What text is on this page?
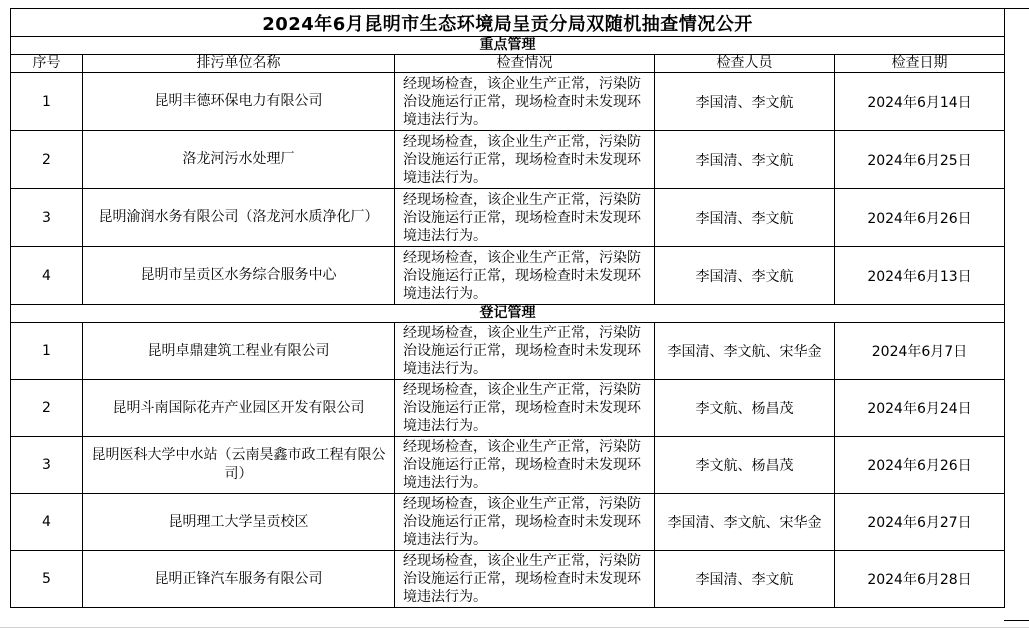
2024年6月昆明市生态环境局呈贡分局双随机抽查情况公开				
重点管理				
序号	排污单位名称	检查情况	检查人员	检查日期
1	昆明丰德环保电力有限公司	经现场检查，该企业生产正常，污染防治设施运行正常，现场检查时未发现环境违法行为。	李国清、李文航	2024年6月14日
2	洛龙河污水处理厂	经现场检查，该企业生产正常，污染防治设施运行正常，现场检查时未发现环境违法行为。	李国清、李文航	2024年6月25日
3	昆明渝润水务有限公司（洛龙河水质净化厂）	经现场检查，该企业生产正常，污染防治设施运行正常，现场检查时未发现环境违法行为。	李国清、李文航	2024年6月26日
4	昆明市呈贡区水务综合服务中心	经现场检查，该企业生产正常，污染防治设施运行正常，现场检查时未发现环境违法行为。	李国清、李文航	2024年6月13日
登记管理				
1	昆明卓鼎建筑工程业有限公司	经现场检查，该企业生产正常，污染防治设施运行正常，现场检查时未发现环境违法行为。	李国清、李文航、宋华金	2024年6月7日
2	昆明斗南国际花卉产业园区开发有限公司	经现场检查，该企业生产正常，污染防治设施运行正常，现场检查时未发现环境违法行为。	李文航、杨昌茂	2024年6月24日
3	昆明医科大学中水站（云南昊鑫市政工程有限公司）	经现场检查，该企业生产正常，污染防治设施运行正常，现场检查时未发现环境违法行为。	李文航、杨昌茂	2024年6月26日
4	昆明理工大学呈贡校区	经现场检查，该企业生产正常，污染防治设施运行正常，现场检查时未发现环境违法行为。	李国清、李文航、宋华金	2024年6月27日
5	昆明正锋汽车服务有限公司	经现场检查，该企业生产正常，污染防治设施运行正常，现场检查时未发现环境违法行为。	李国清、李文航	2024年6月28日
